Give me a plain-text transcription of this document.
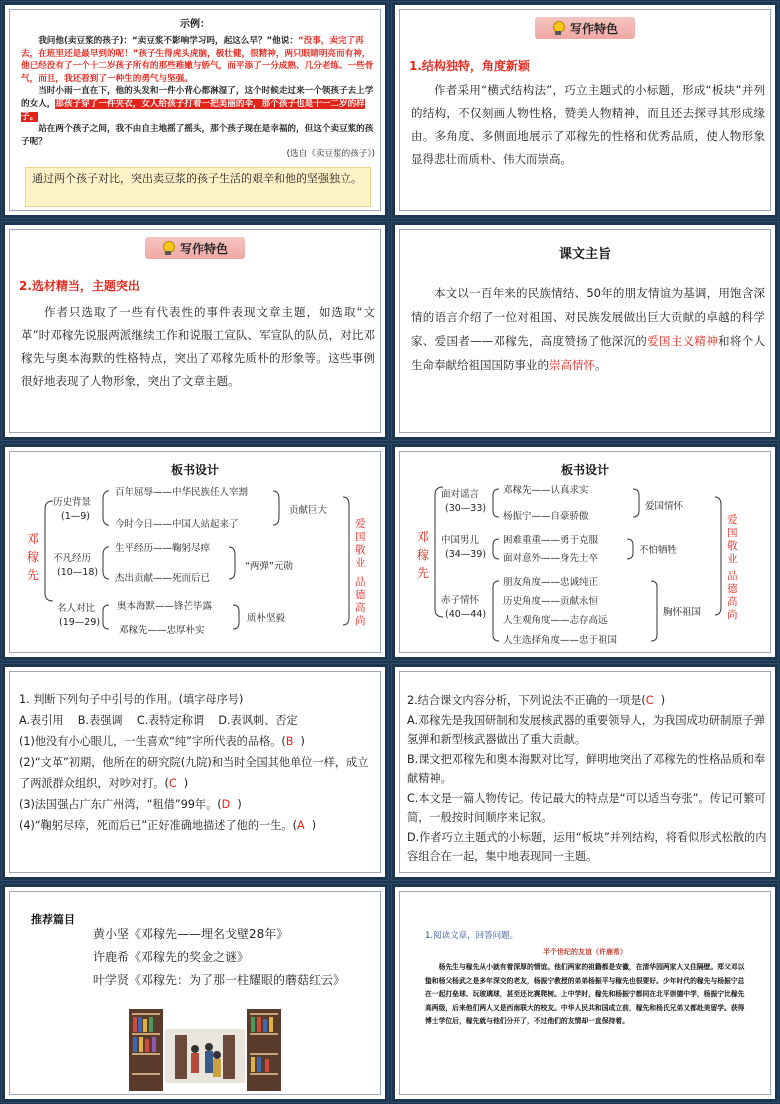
示例：

我问他(卖豆浆的孩子)：“卖豆浆不影响学习吗，起这么早？”他说：“没事，卖完了再去，在班里还是最早到的呢！”孩子生得虎头虎脑，极壮健，很精神，两只眼睛明亮而有神，他已经没有了一个十二岁孩子所有的那些稚嫩与娇气，而平添了一分成熟、几分老练、一些骨气，而且，我还看到了一种生的勇气与坚强。

当时小雨一直在下，他的头发和一件小背心都淋湿了，这个时候走过来一个领孩子去上学的女人，那孩子穿了一件夹衣，女人给孩子打着一把美丽的伞，那个孩子也是十一二岁的样子。

站在两个孩子之间，我不由自主地摇了摇头，那个孩子现在是幸福的，但这个卖豆浆的孩子呢？

(选自《卖豆浆的孩子》)

通过两个孩子对比，突出卖豆浆的孩子生活的艰辛和他的坚强独立。
写作特色
1.结构独特，角度新颖
作者采用“横式结构法”，巧立主题式的小标题，形成“板块”并列的结构，不仅刻画人物性格，赞美人物精神，而且还去探寻其形成缘由。多角度、多侧面地展示了邓稼先的性格和优秀品质，使人物形象显得悲壮而质朴、伟大而崇高。
写作特色
2.选材精当，主题突出
作者只选取了一些有代表性的事件表现文章主题，如选取“文革”时邓稼先说服两派继续工作和说服工宣队、军宣队的队员，对比邓稼先与奥本海默的性格特点，突出了邓稼先质朴的形象等。这些事例很好地表现了人物形象，突出了文章主题。
课文主旨
本文以一百年来的民族情结、50年的朋友情谊为基调，用饱含深情的语言介绍了一位对祖国、对民族发展做出巨大贡献的卓越的科学家、爱国者——邓稼先，高度赞扬了他深沉的爱国主义精神和将个人生命奉献给祖国国防事业的崇高情怀。
板书设计
邓
稼
先
历史背景
(1—9)
百年屈辱——中华民族任人宰割
今时今日——中国人站起来了
贡献巨大
不凡经历
(10—18)
生平经历——鞠躬尽瘁
杰出贡献——死而后已
“两弹”元勋
名人对比
(19—29)
奥本海默——锋芒毕露
邓稼先——忠厚朴实
质朴坚毅
爱
国
敬
业
品
德
高
尚
板书设计
邓
稼
先
面对谣言
(30—33)
邓稼先——认真求实
杨振宁——自豪骄傲
爱国情怀
中国男儿
(34—39)
困难重重——勇于克服
面对意外——身先士卒
不怕牺牲
赤子情怀
(40—44)
朋友角度——忠诚纯正
历史角度——贡献永恒
人生观角度——志存高远
人生选择角度——忠于祖国
胸怀祖国
爱
国
敬
业
品
德
高
尚
1. 判断下列句子中引号的作用。(填字母序号)
A.表引用    B.表强调    C.表特定称谓    D.表讽刺、否定
(1)他没有小心眼儿，一生喜欢“纯”字所代表的品格。(B  )
(2)“文革”初期，他所在的研究院(九院)和当时全国其他单位一样，成立了两派群众组织，对吵对打。(C  )
(3)法国强占广东广州湾，“租借”99年。(D  )
(4)“鞠躬尽瘁，死而后已”正好准确地描述了他的一生。(A  )
2.结合课文内容分析，下列说法不正确的一项是(C  )
A.邓稼先是我国研制和发展核武器的重要领导人，为我国成功研制原子弹氢弹和新型核武器做出了重大贡献。
B.课文把邓稼先和奥本海默对比写，鲜明地突出了邓稼先的性格品质和奉献精神。
C.本文是一篇人物传记。传记最大的特点是“可以适当夸张”。传记可繁可简，一般按时间顺序来记叙。
D.作者巧立主题式的小标题，运用“板块”并列结构，将看似形式松散的内容组合在一起，集中地表现同一主题。
推荐篇目
黄小坚《邓稼先——埋名戈壁28年》
许鹿希《邓稼先的奖金之谜》
叶学贤《邓稼先：为了那一柱耀眼的蘑菇红云》
1.阅读文章，回答问题。
半个世纪的友谊（许鹿希）
杨先生与稼先从小就有着深厚的情谊。他们两家的祖籍都是安徽，在清华园两家人又住隔壁。郑父邓以蛰和杨父杨武之是多年深交的老友，杨振宁教授的弟弟杨振平与稼先也很要好。少年时代的稼先与杨振宁总在一起打垒球、玩玻璃球，甚至还比赛爬树。上中学时，稼先和杨振宁都同在北平崇德中学，杨振宁比稼先高两级，后来他们两人又是西南联大的校友。中华人民共和国成立前，稼先和杨氏兄弟又都赴美留学。获得博士学位后，稼先就与他们分开了，不过他们的友情却一直保持着。
